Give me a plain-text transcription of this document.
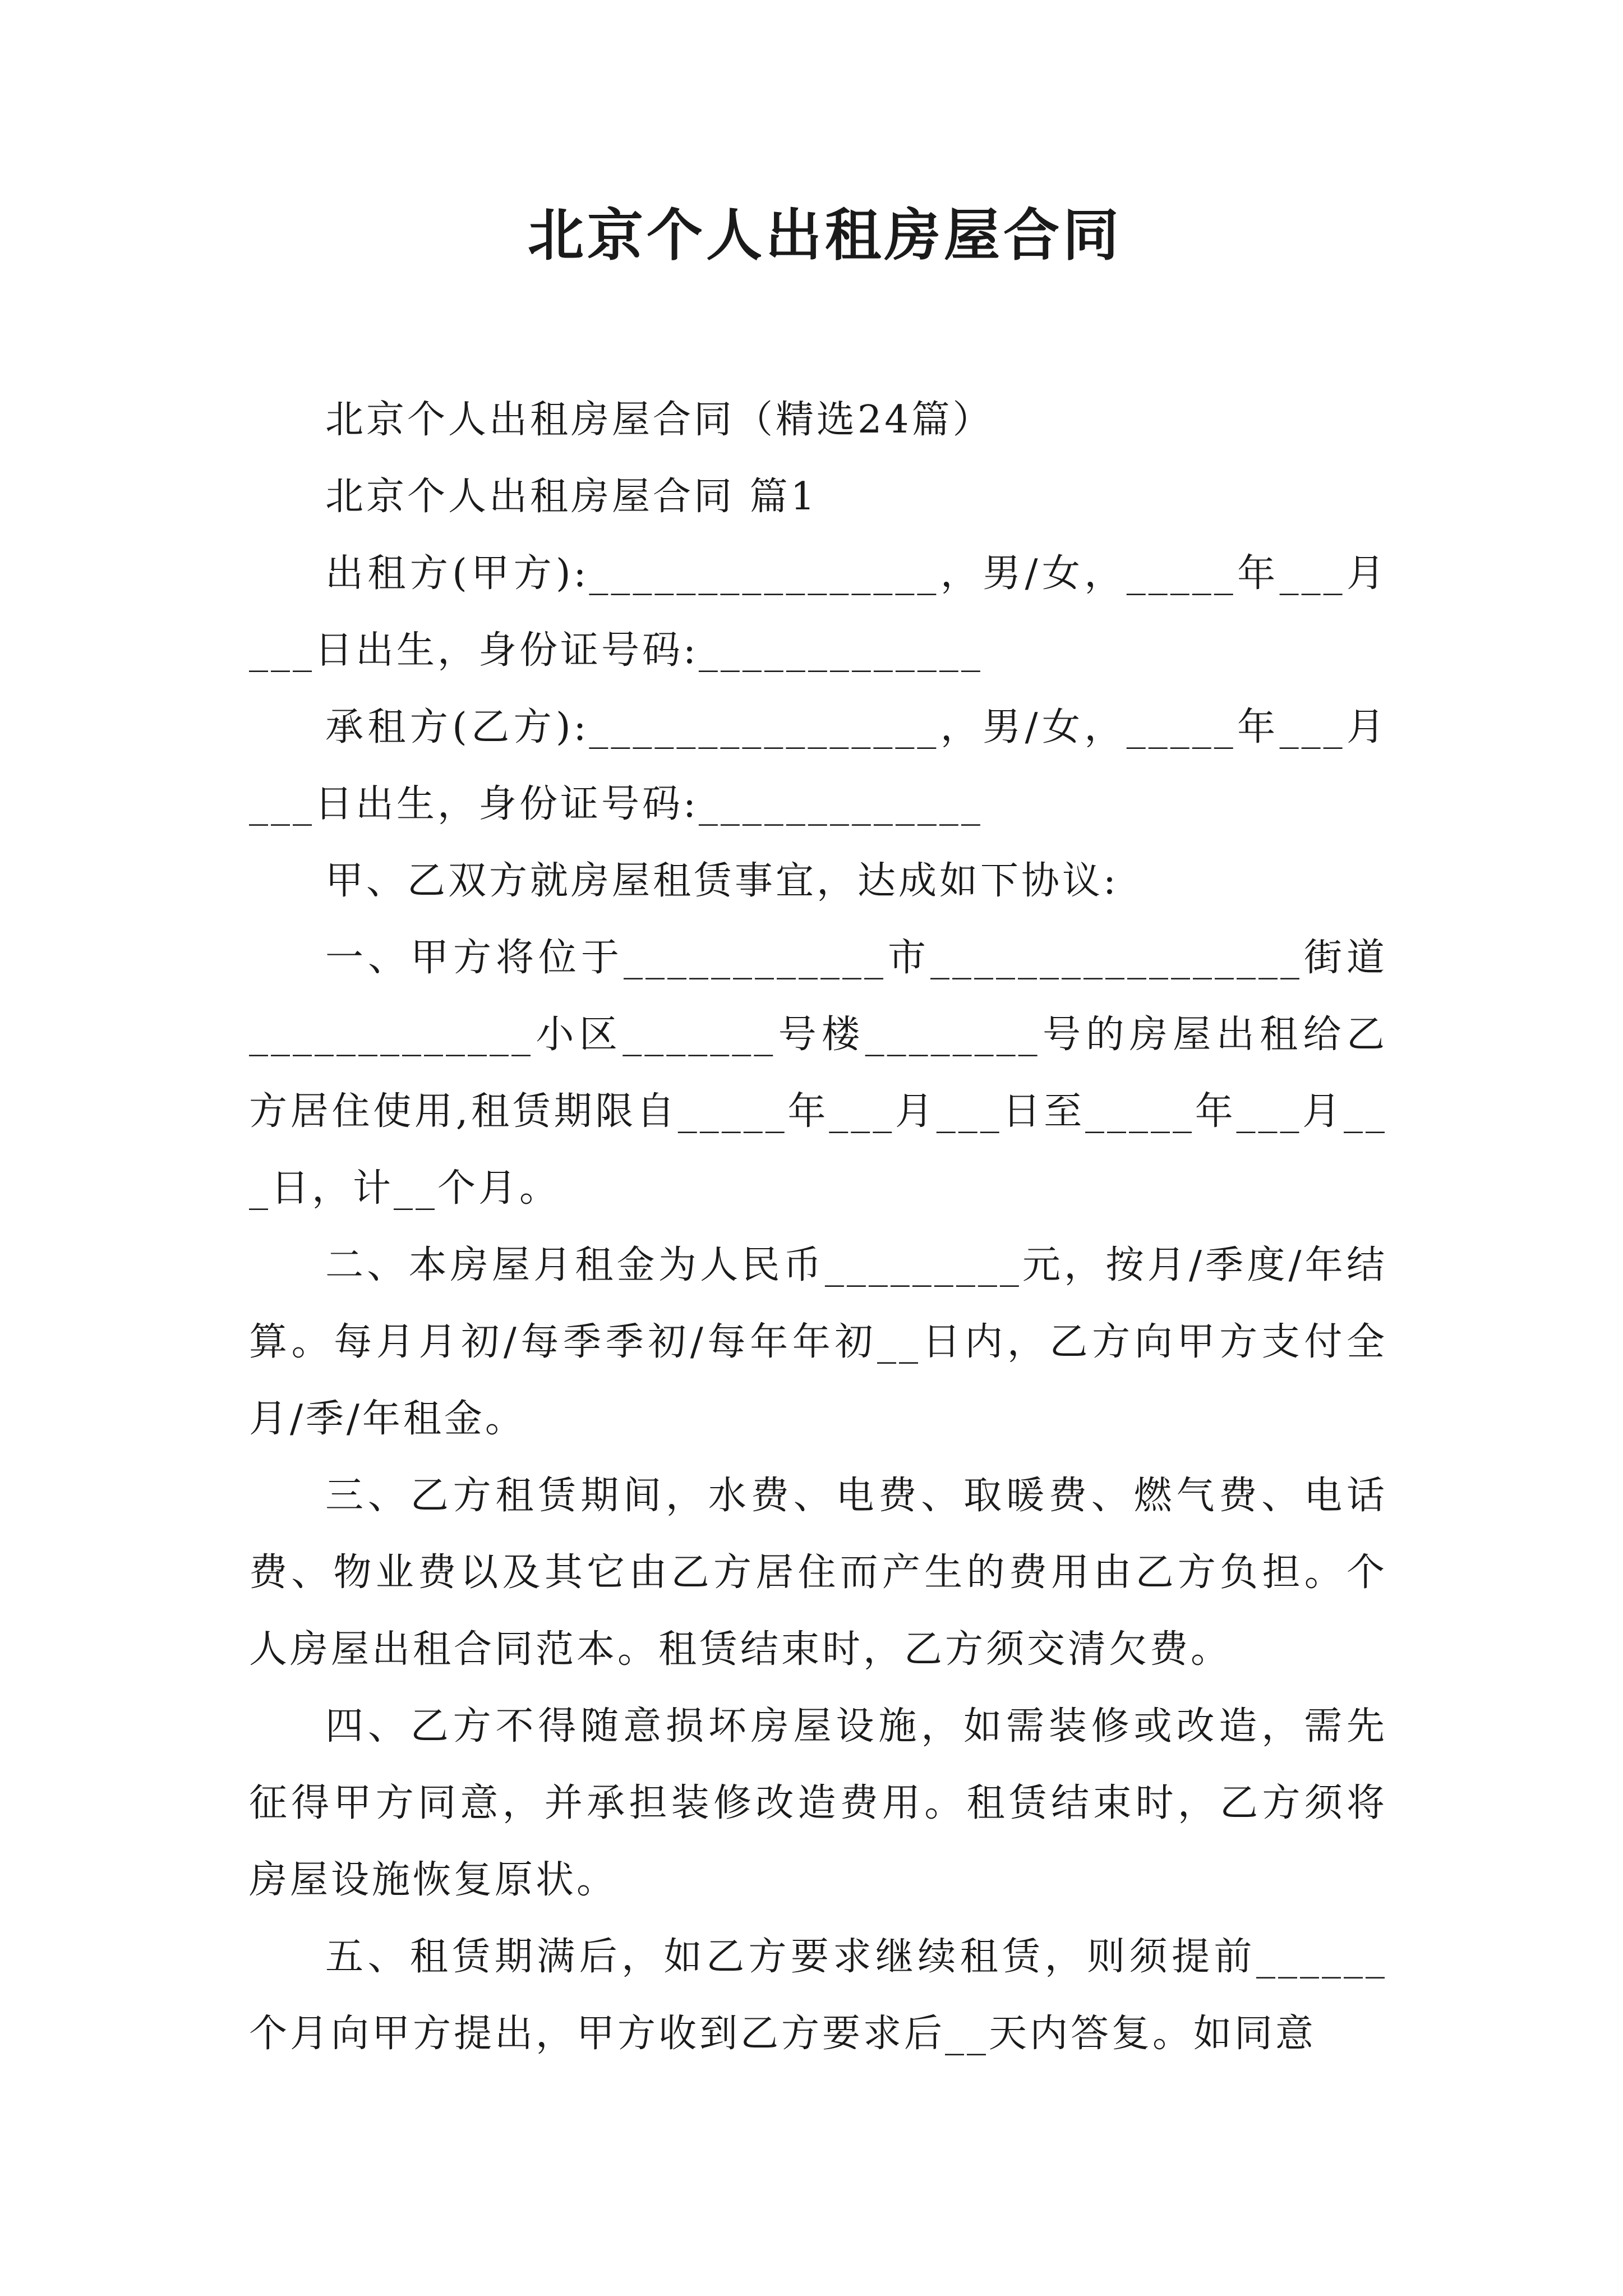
北京个人出租房屋合同

北京个人出租房屋合同（精选24篇）

北京个人出租房屋合同 篇1

出租方(甲方):________________，男/女，_____年___月___日出生，身份证号码:_____________

承租方(乙方):________________，男/女，_____年___月___日出生，身份证号码:_____________

甲、乙双方就房屋租赁事宜，达成如下协议:

一、甲方将位于____________市_________________街道_____________小区_______号楼________号的房屋出租给乙方居住使用,租赁期限自_____年___月___日至_____年___月___日，计__个月。

二、本房屋月租金为人民币_________元，按月/季度/年结算。每月月初/每季季初/每年年初__日内，乙方向甲方支付全月/季/年租金。

三、乙方租赁期间，水费、电费、取暖费、燃气费、电话费、物业费以及其它由乙方居住而产生的费用由乙方负担。个人房屋出租合同范本。租赁结束时，乙方须交清欠费。

四、乙方不得随意损坏房屋设施，如需装修或改造，需先征得甲方同意，并承担装修改造费用。租赁结束时，乙方须将房屋设施恢复原状。

五、租赁期满后，如乙方要求继续租赁，则须提前______个月向甲方提出，甲方收到乙方要求后__天内答复。如同意
